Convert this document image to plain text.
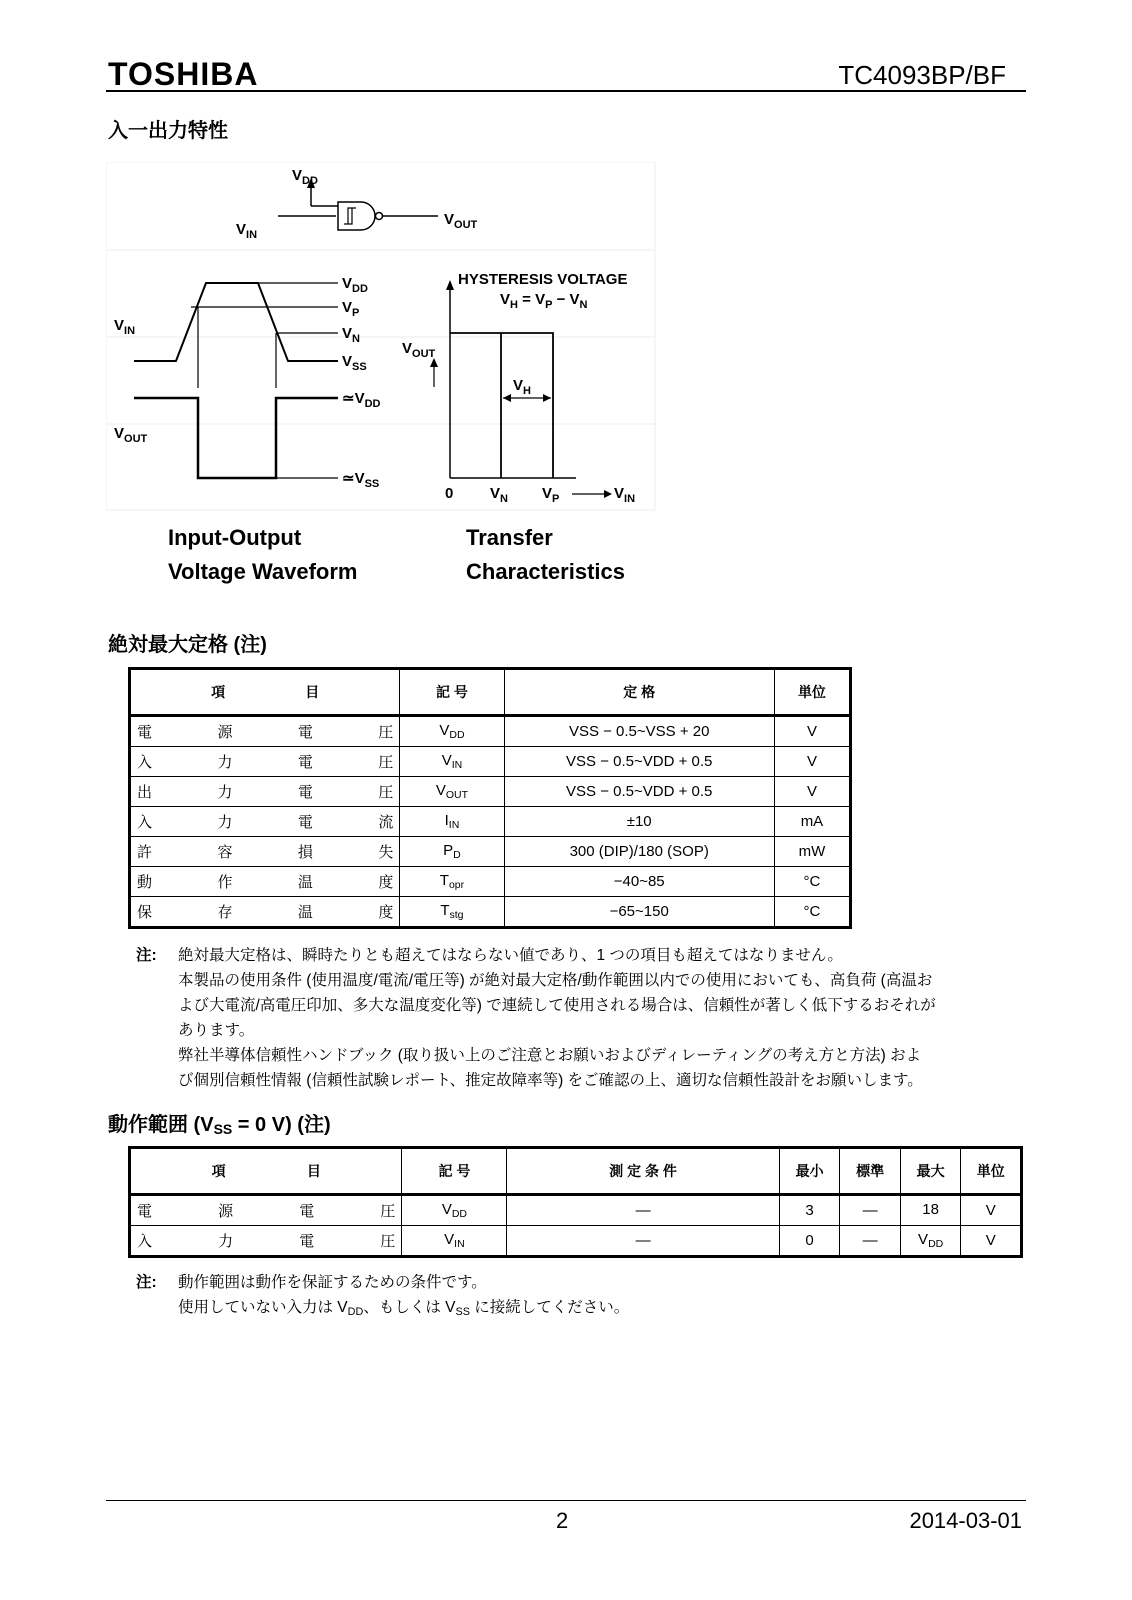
TOSHIBA	TC4093BP/BF
入一出力特性
$V_{DD}$
$V_{IN}$
$V_{OUT}$
$V_{IN}$
$V_{OUT}$
$V_{DD}$
$V_P$
$V_N$
$V_{SS}$
$≃V_{DD}$
$≃V_{SS}$
HYSTERESIS VOLTAGE
$V_H = V_P - V_N$
$V_H$
$V_{OUT}$
0 $V_N$ $V_P$	$V_{IN}$
Input-Output
Voltage Waveform
Transfer
Characteristics
絶対最大定格 (注)
項 目	記 号	定 格	単位

電 源 電 圧	$V_{DD}$	VSS − 0.5~VSS + 20	V

入 力 電 圧	$V_{IN}$	VSS − 0.5~VDD + 0.5	V

出 力 電 圧	$V_{OUT}$	VSS − 0.5~VDD + 0.5	V

入 力 電 流	$I_{IN}$	±10	mA

許 容 損 失	$P_D$	300 (DIP)/180 (SOP)	mW

動 作 温 度	$T_{opr}$	−40~85	°C

保 存 温 度	$T_{stg}$	−65~150	°C
注: 絶対最大定格は、瞬時たりとも超えてはならない値であり、1 つの項目も超えてはなりません。
本製品の使用条件 (使用温度/電流/電圧等) が絶対最大定格/動作範囲以内での使用においても、高負荷 (高温お
よび大電流/高電圧印加、多大な温度変化等) で連続して使用される場合は、信頼性が著しく低下するおそれが
あります。
弊社半導体信頼性ハンドブック (取り扱い上のご注意とお願いおよびディレーティングの考え方と方法) およ
び個別信頼性情報 (信頼性試験レポート、推定故障率等) をご確認の上、適切な信頼性設計をお願いします。
動作範囲 ($V_{SS} = 0$ V) (注)
項 目	記 号	測 定 条 件	最小	標準	最大	単位

電 源 電 圧	$V_{DD}$	—	3	—	18	V

入 力 電 圧	$V_{IN}$	—	0	—	$V_{DD}$	V
注: 動作範囲は動作を保証するための条件です。
使用していない入力は $V_{DD}$、もしくは $V_{SS}$ に接続してください。
2	2014-03-01
